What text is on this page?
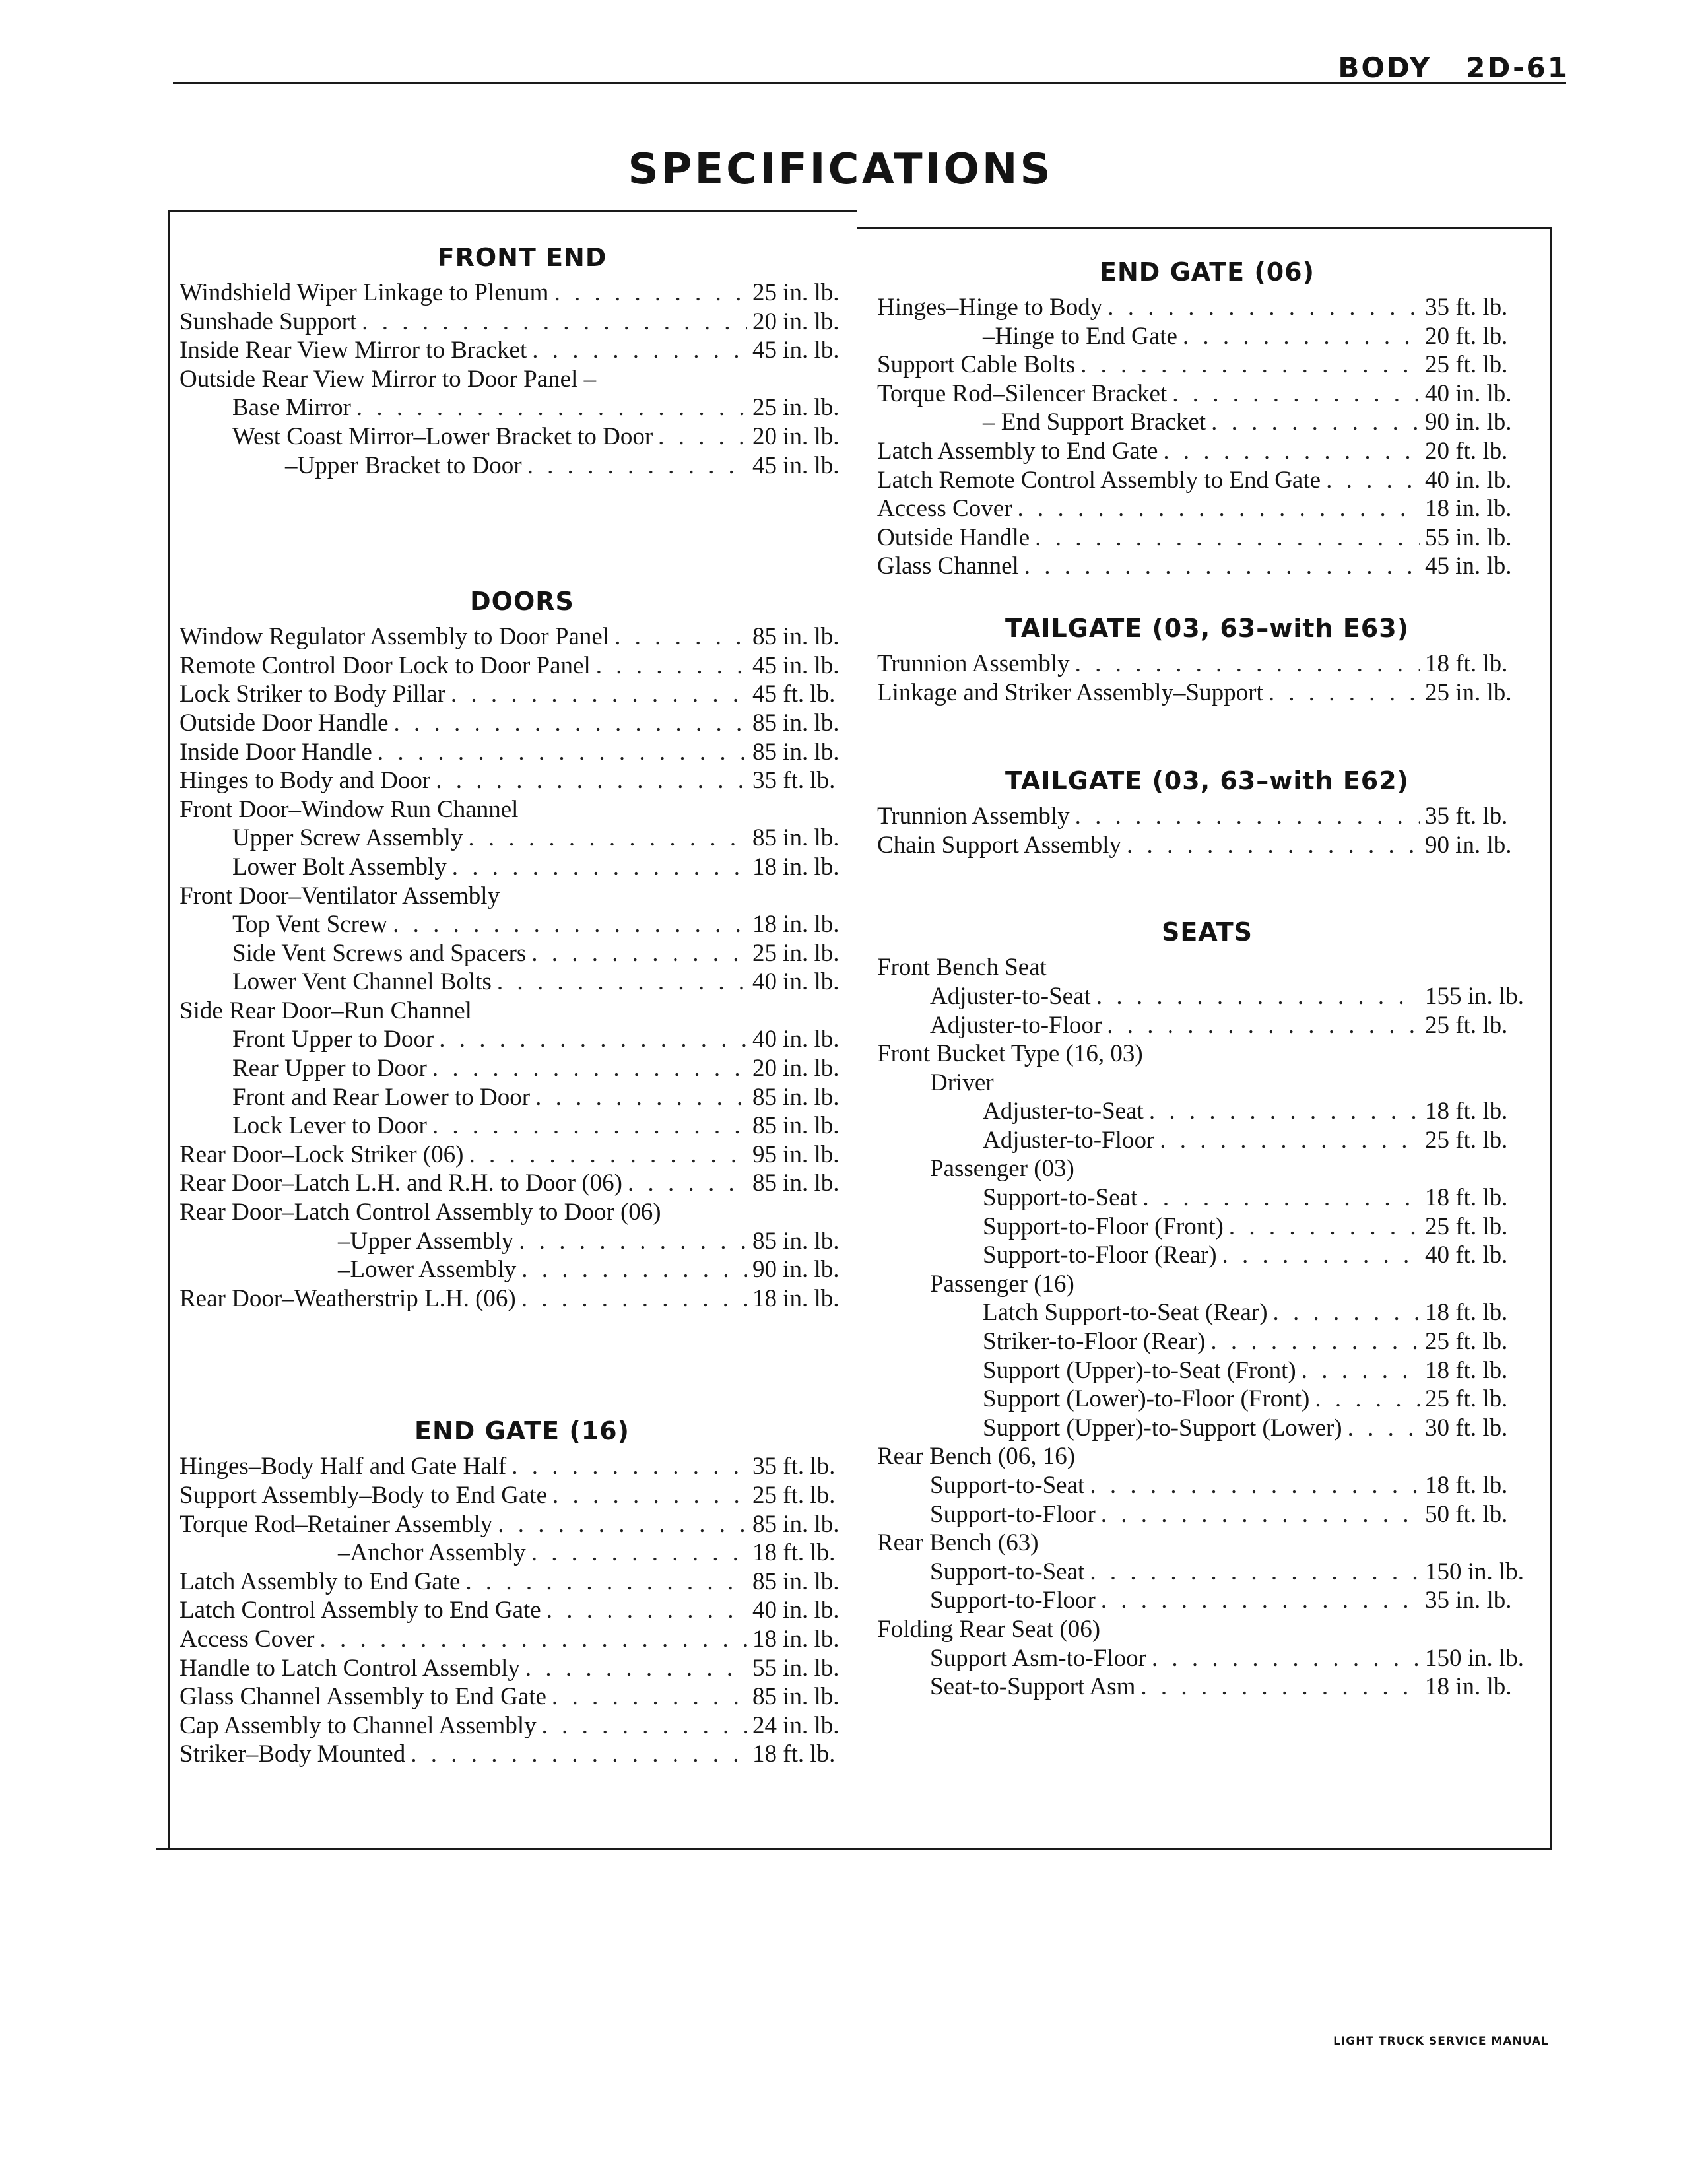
BODY 2D-61
SPECIFICATIONS
FRONT END
Windshield Wiper Linkage to Plenum . . .	25 in. lb.
Sunshade Support . . .	20 in. lb.
Inside Rear View Mirror to Bracket . . .	45 in. lb.
Outside Rear View Mirror to Door Panel –
Base Mirror . . .	25 in. lb.
West Coast Mirror–Lower Bracket to Door . . .	20 in. lb.
–Upper Bracket to Door . . .	45 in. lb.
DOORS
Window Regulator Assembly to Door Panel . . .	85 in. lb.
Remote Control Door Lock to Door Panel . . .	45 in. lb.
Lock Striker to Body Pillar . . .	45 ft. lb.
Outside Door Handle . . .	85 in. lb.
Inside Door Handle . . .	85 in. lb.
Hinges to Body and Door . . .	35 ft. lb.
Front Door–Window Run Channel
Upper Screw Assembly . . .	85 in. lb.
Lower Bolt Assembly . . .	18 in. lb.
Front Door–Ventilator Assembly
Top Vent Screw . . .	18 in. lb.
Side Vent Screws and Spacers . . .	25 in. lb.
Lower Vent Channel Bolts . . .	40 in. lb.
Side Rear Door–Run Channel
Front Upper to Door . . .	40 in. lb.
Rear Upper to Door . . .	20 in. lb.
Front and Rear Lower to Door . . .	85 in. lb.
Lock Lever to Door . . .	85 in. lb.
Rear Door–Lock Striker (06) . . .	95 in. lb.
Rear Door–Latch L.H. and R.H. to Door (06) . . .	85 in. lb.
Rear Door–Latch Control Assembly to Door (06)
–Upper Assembly . . .	85 in. lb.
–Lower Assembly . . .	90 in. lb.
Rear Door–Weatherstrip L.H. (06) . . .	18 in. lb.
END GATE (16)
Hinges–Body Half and Gate Half . . .	35 ft. lb.
Support Assembly–Body to End Gate . . .	25 ft. lb.
Torque Rod–Retainer Assembly . . .	85 in. lb.
–Anchor Assembly . . .	18 ft. lb.
Latch Assembly to End Gate . . .	85 in. lb.
Latch Control Assembly to End Gate . . .	40 in. lb.
Access Cover . . .	18 in. lb.
Handle to Latch Control Assembly . . .	55 in. lb.
Glass Channel Assembly to End Gate . . .	85 in. lb.
Cap Assembly to Channel Assembly . . .	24 in. lb.
Striker–Body Mounted . . .	18 ft. lb.
END GATE (06)
Hinges–Hinge to Body . . .	35 ft. lb.
–Hinge to End Gate . . .	20 ft. lb.
Support Cable Bolts . . .	25 ft. lb.
Torque Rod–Silencer Bracket . . .	40 in. lb.
– End Support Bracket . . .	90 in. lb.
Latch Assembly to End Gate . . .	20 ft. lb.
Latch Remote Control Assembly to End Gate . . .	40 in. lb.
Access Cover . . .	18 in. lb.
Outside Handle . . .	55 in. lb.
Glass Channel . . .	45 in. lb.
TAILGATE (03, 63–with E63)
Trunnion Assembly . . .	18 ft. lb.
Linkage and Striker Assembly–Support . . .	25 in. lb.
TAILGATE (03, 63–with E62)
Trunnion Assembly . . .	35 ft. lb.
Chain Support Assembly . . .	90 in. lb.
SEATS
Front Bench Seat
Adjuster-to-Seat . . .	155 in. lb.
Adjuster-to-Floor . . .	25 ft. lb.
Front Bucket Type (16, 03)
Driver
Adjuster-to-Seat . . .	18 ft. lb.
Adjuster-to-Floor . . .	25 ft. lb.
Passenger (03)
Support-to-Seat . . .	18 ft. lb.
Support-to-Floor (Front) . . .	25 ft. lb.
Support-to-Floor (Rear) . . .	40 ft. lb.
Passenger (16)
Latch Support-to-Seat (Rear) . . .	18 ft. lb.
Striker-to-Floor (Rear) . . .	25 ft. lb.
Support (Upper)-to-Seat (Front) . . .	18 ft. lb.
Support (Lower)-to-Floor (Front) . . .	25 ft. lb.
Support (Upper)-to-Support (Lower) . . .	30 ft. lb.
Rear Bench (06, 16)
Support-to-Seat . . .	18 ft. lb.
Support-to-Floor . . .	50 ft. lb.
Rear Bench (63)
Support-to-Seat . . .	150 in. lb.
Support-to-Floor . . .	35 in. lb.
Folding Rear Seat (06)
Support Asm-to-Floor . . .	150 in. lb.
Seat-to-Support Asm . . .	18 in. lb.
LIGHT TRUCK SERVICE MANUAL
